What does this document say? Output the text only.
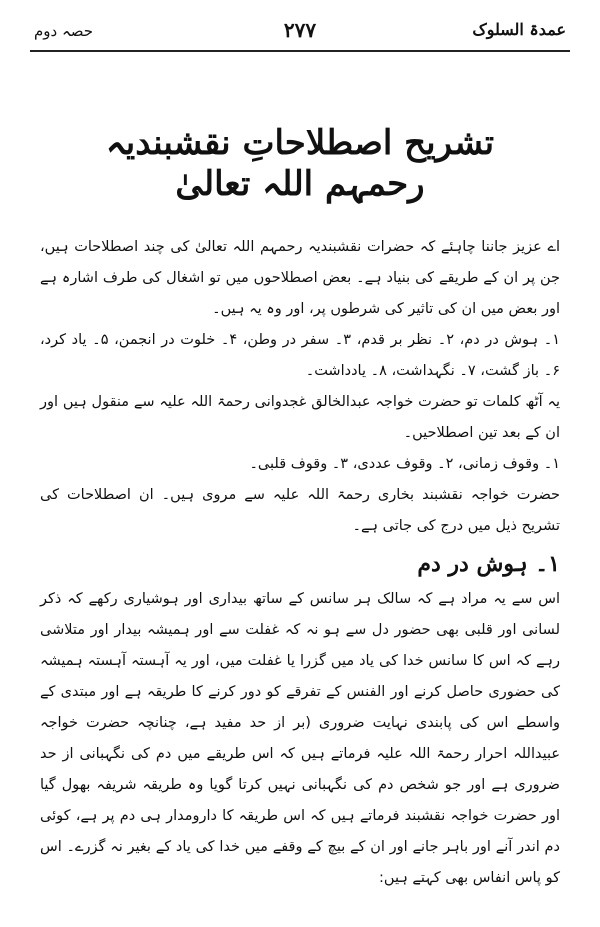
حصہ دوم	۲۷۷	عمدۃ السلوک
تشریح اصطلاحاتِ نقشبندیہ رحمہم اللہ تعالیٰ

اے عزیز جاننا چاہئے کہ حضرات نقشبندیہ رحمہم اللہ تعالیٰ کی چند اصطلاحات ہیں، جن پر ان کے طریقے کی بنیاد ہے۔ بعض اصطلاحوں میں تو اشغال کی طرف اشارہ ہے اور بعض میں ان کی تاثیر کی شرطوں پر، اور وہ یہ ہیں۔

۱۔ ہوش در دم، ۲۔ نظر بر قدم، ۳۔ سفر در وطن، ۴۔ خلوت در انجمن، ۵۔ یاد کرد، ۶۔ باز گشت، ۷۔ نگہداشت، ۸۔ یادداشت۔

یہ آٹھ کلمات تو حضرت خواجہ عبدالخالق غجدوانی رحمۃ اللہ علیہ سے منقول ہیں اور ان کے بعد تین اصطلاحیں۔

۱۔ وقوف زمانی، ۲۔ وقوف عددی، ۳۔ وقوف قلبی۔

حضرت خواجہ نقشبند بخاری رحمۃ اللہ علیہ سے مروی ہیں۔ ان اصطلاحات کی تشریح ذیل میں درج کی جاتی ہے۔

۱۔ ہوش در دم

اس سے یہ مراد ہے کہ سالک ہر سانس کے ساتھ بیداری اور ہوشیاری رکھے کہ ذکر لسانی اور قلبی بھی حضور دل سے ہو نہ کہ غفلت سے اور ہمیشہ بیدار اور متلاشی رہے کہ اس کا سانس خدا کی یاد میں گزرا یا غفلت میں، اور یہ آہستہ آہستہ ہمیشہ کی حضوری حاصل کرنے اور الفنس کے تفرقے کو دور کرنے کا طریقہ ہے اور مبتدی کے واسطے اس کی پابندی نہایت ضروری (بر از حد مفید ہے، چنانچہ حضرت خواجہ عبیداللہ احرار رحمۃ اللہ علیہ فرماتے ہیں کہ اس طریقے میں دم کی نگہبانی از حد ضروری ہے اور جو شخص دم کی نگہبانی نہیں کرتا گویا وہ طریقہ شریفہ بھول گیا اور حضرت خواجہ نقشبند فرماتے ہیں کہ اس طریقہ کا دارومدار ہی دم پر ہے، کوئی دم اندر آنے اور باہر جانے اور ان کے بیچ کے وقفے میں خدا کی یاد کے بغیر نہ گزرے۔ اس کو پاس انفاس بھی کہتے ہیں:
